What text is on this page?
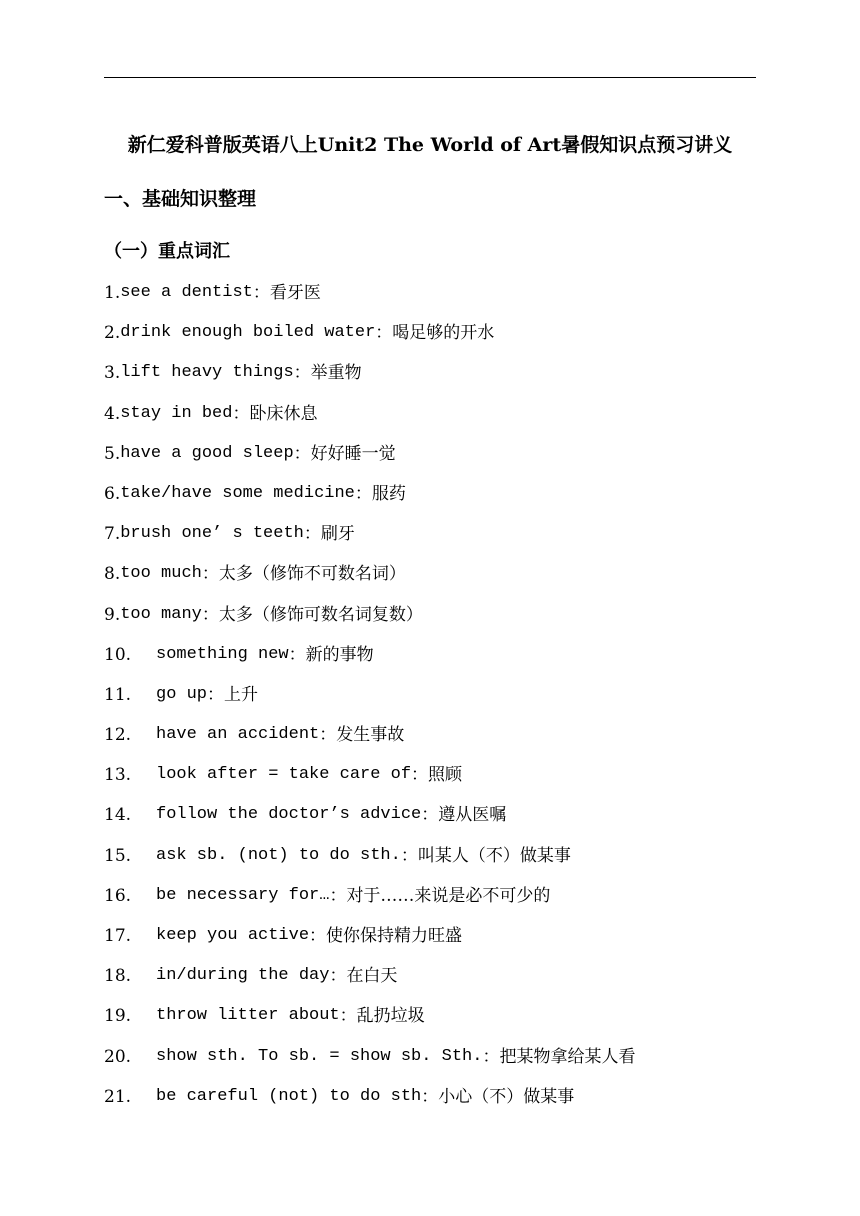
新仁爱科普版英语八上Unit2 The World of Art暑假知识点预习讲义
一、基础知识整理
（一）重点词汇
1. see a dentist ： 看牙医
2. drink enough boiled water ： 喝足够的开水
3. lift heavy things ： 举重物
4. stay in bed ： 卧床休息
5. have a good sleep ： 好好睡一觉
6. take/have some medicine ： 服药
7. brush one’ s teeth ： 刷牙
8. too much ： 太多（修饰不可数名词）
9. too many ： 太多（修饰可数名词复数）
10.	something new ： 新的事物
11.	go up ： 上升
12.	have an accident ： 发生事故
13.	look after = take care of ： 照顾
14.	follow the doctor’s advice ： 遵从医嘱
15.	ask sb. (not) to do sth. ： 叫某人（不）做某事
16.	be necessary for… ： 对于……来说是必不可少的
17.	keep you active ： 使你保持精力旺盛
18.	in/during the day ： 在白天
19.	throw litter about ： 乱扔垃圾
20.	show sth. To sb. = show sb. Sth. ： 把某物拿给某人看
21.	be careful (not) to do sth ： 小心（不）做某事
